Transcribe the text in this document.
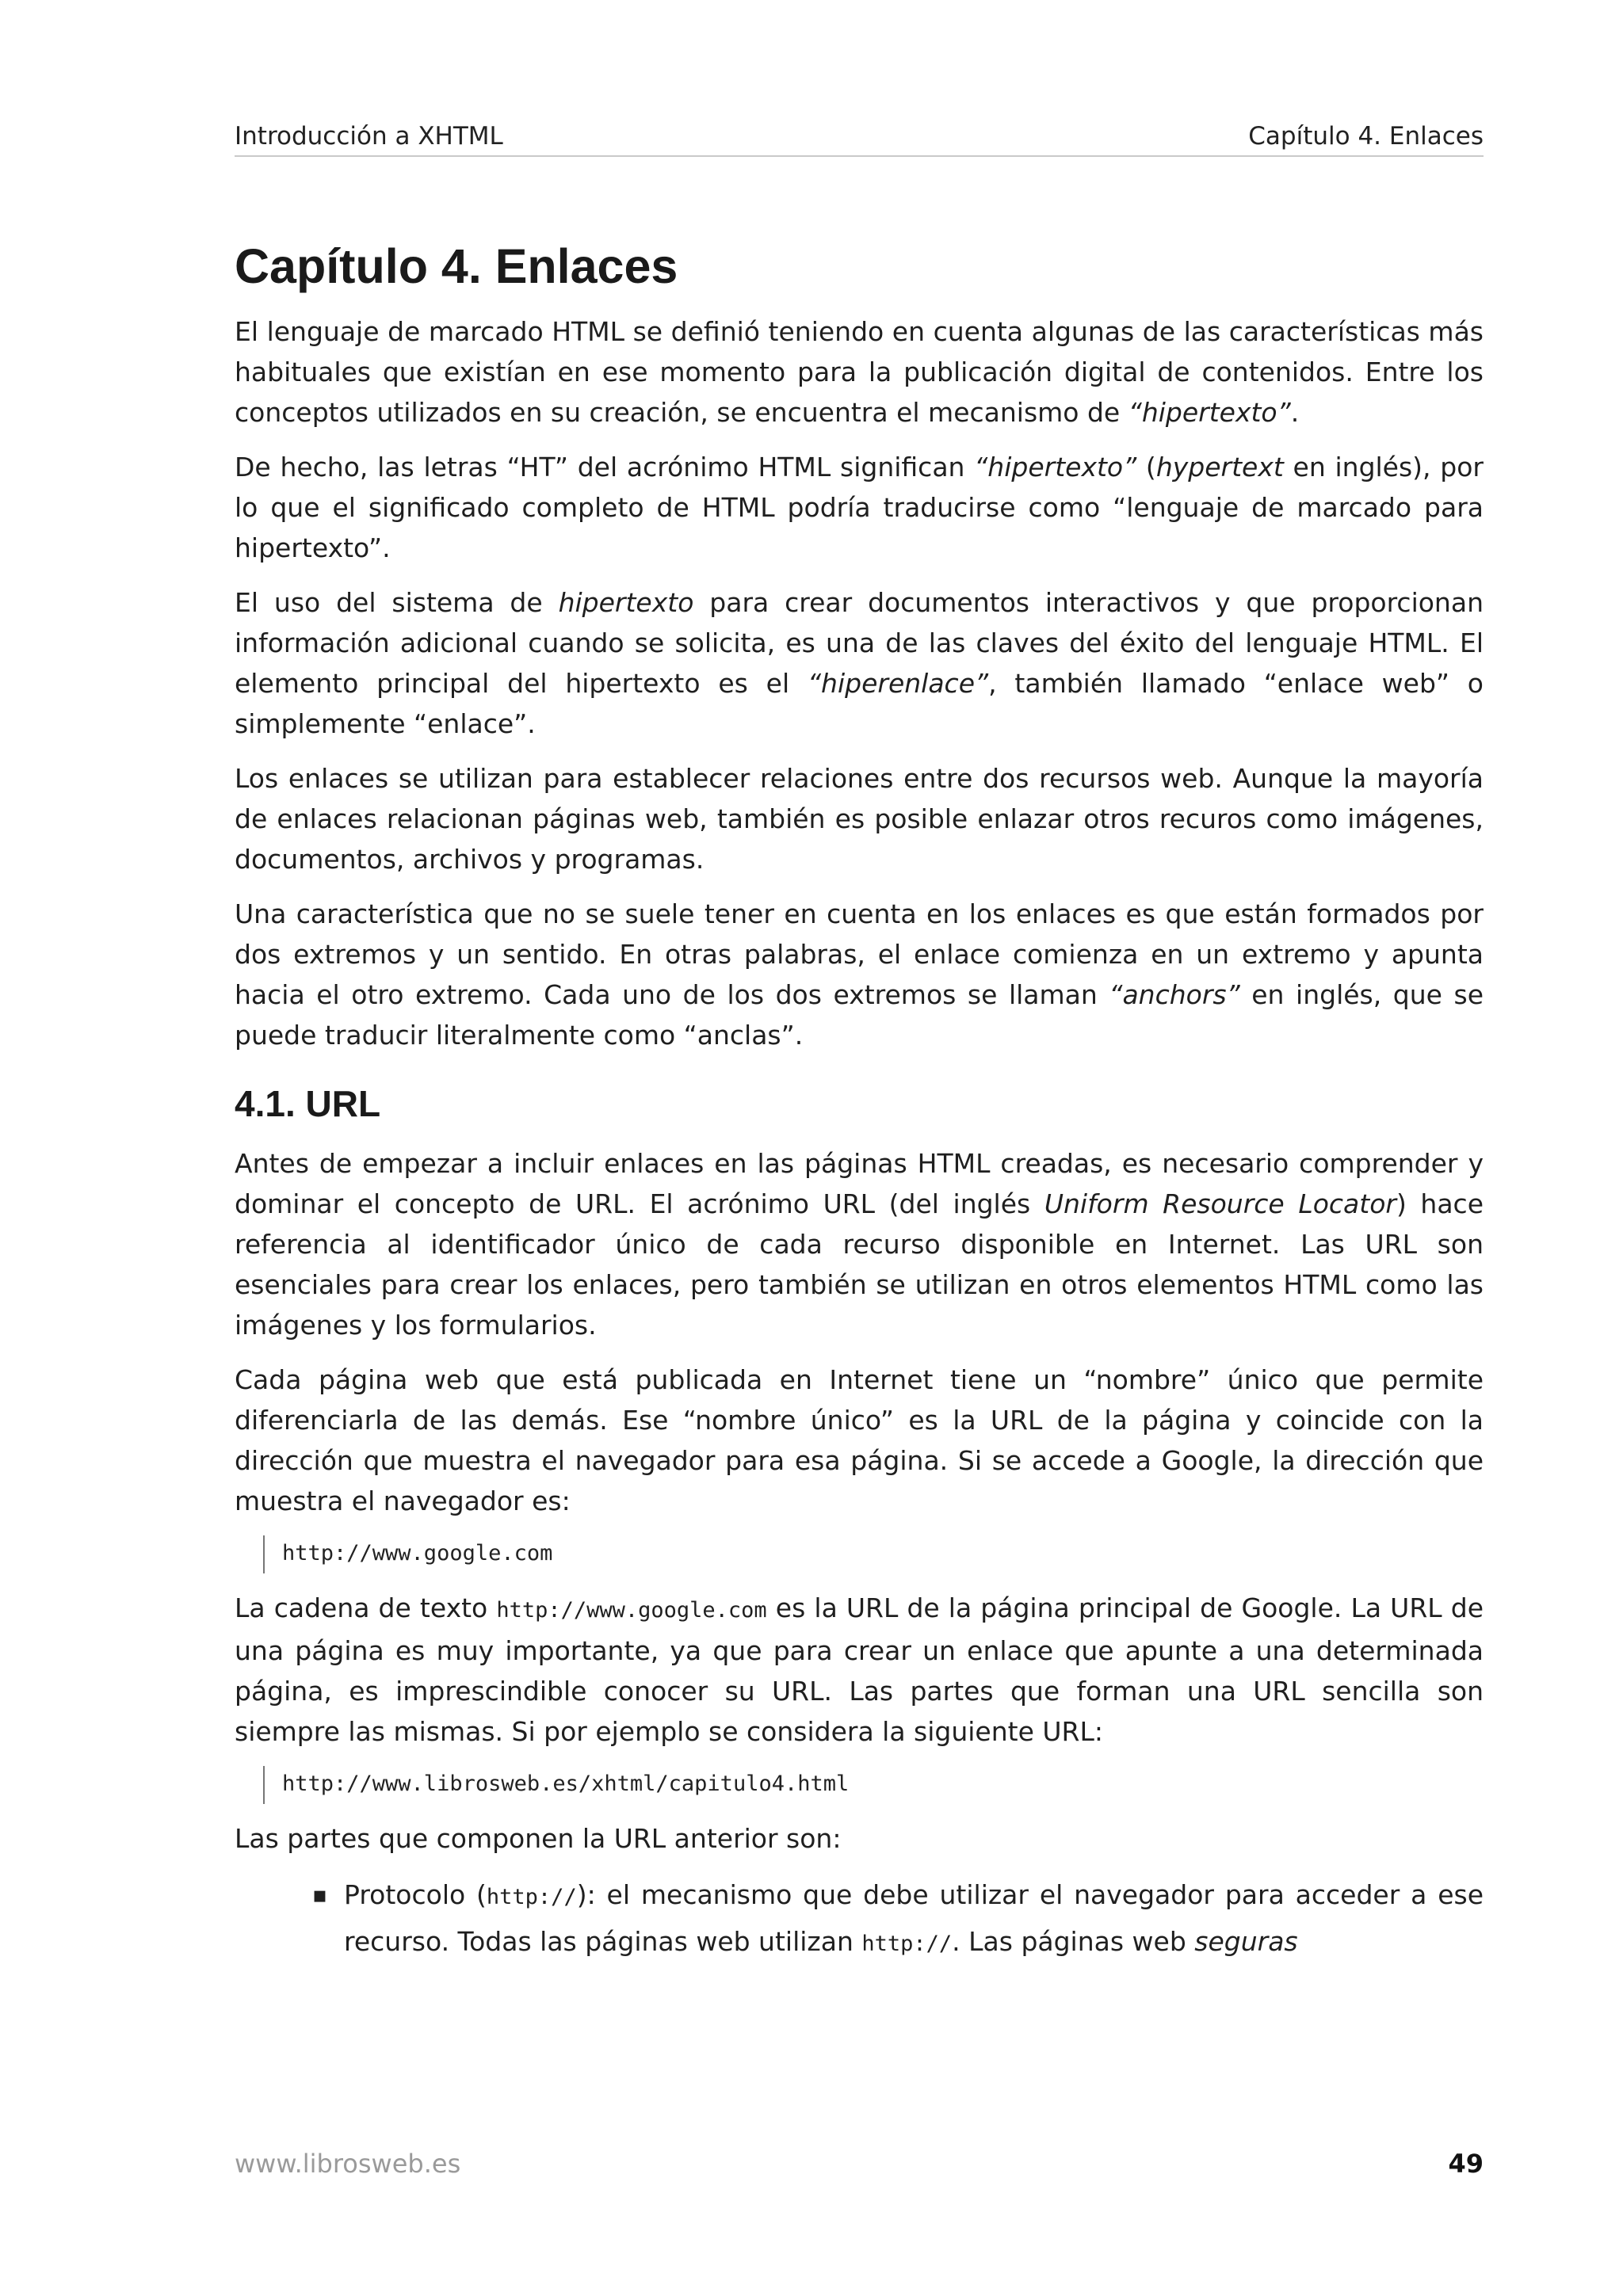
Introducción a XHTML	Capítulo 4. Enlaces
Capítulo 4. Enlaces

El lenguaje de marcado HTML se definió teniendo en cuenta algunas de las características más habituales que existían en ese momento para la publicación digital de contenidos. Entre los conceptos utilizados en su creación, se encuentra el mecanismo de “hipertexto”.

De hecho, las letras “HT” del acrónimo HTML significan “hipertexto” (hypertext en inglés), por lo que el significado completo de HTML podría traducirse como “lenguaje de marcado para hipertexto”.

El uso del sistema de hipertexto para crear documentos interactivos y que proporcionan información adicional cuando se solicita, es una de las claves del éxito del lenguaje HTML. El elemento principal del hipertexto es el “hiperenlace”, también llamado “enlace web” o simplemente “enlace”.

Los enlaces se utilizan para establecer relaciones entre dos recursos web. Aunque la mayoría de enlaces relacionan páginas web, también es posible enlazar otros recuros como imágenes, documentos, archivos y programas.

Una característica que no se suele tener en cuenta en los enlaces es que están formados por dos extremos y un sentido. En otras palabras, el enlace comienza en un extremo y apunta hacia el otro extremo. Cada uno de los dos extremos se llaman “anchors” en inglés, que se puede traducir literalmente como “anclas”.

4.1. URL

Antes de empezar a incluir enlaces en las páginas HTML creadas, es necesario comprender y dominar el concepto de URL. El acrónimo URL (del inglés Uniform Resource Locator) hace referencia al identificador único de cada recurso disponible en Internet. Las URL son esenciales para crear los enlaces, pero también se utilizan en otros elementos HTML como las imágenes y los formularios.

Cada página web que está publicada en Internet tiene un “nombre” único que permite diferenciarla de las demás. Ese “nombre único” es la URL de la página y coincide con la dirección que muestra el navegador para esa página. Si se accede a Google, la dirección que muestra el navegador es:

http://www.google.com

La cadena de texto http://www.google.com es la URL de la página principal de Google. La URL de una página es muy importante, ya que para crear un enlace que apunte a una determinada página, es imprescindible conocer su URL. Las partes que forman una URL sencilla son siempre las mismas. Si por ejemplo se considera la siguiente URL:

http://www.librosweb.es/xhtml/capitulo4.html

Las partes que componen la URL anterior son:

▪ Protocolo (http://): el mecanismo que debe utilizar el navegador para acceder a ese recurso. Todas las páginas web utilizan http://. Las páginas web seguras
www.librosweb.es	49
